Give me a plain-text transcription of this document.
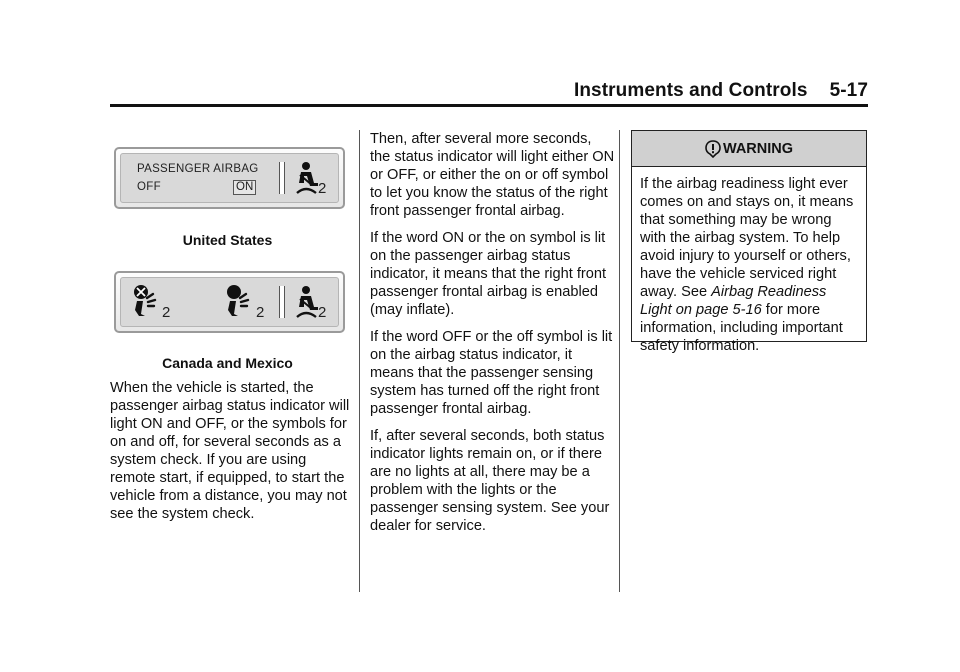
Instruments and Controls 5-17
PASSENGER AIRBAG
OFF	ON	2
United States
2	2	2
Canada and Mexico

When the vehicle is started, the passenger airbag status indicator will light ON and OFF, or the symbols for on and off, for several seconds as a system check. If you are using remote start, if equipped, to start the vehicle from a distance, you may not see the system check.

Then, after several more seconds, the status indicator will light either ON or OFF, or either the on or off symbol to let you know the status of the right front passenger frontal airbag.

If the word ON or the on symbol is lit on the passenger airbag status indicator, it means that the right front passenger frontal airbag is enabled (may inflate).

If the word OFF or the off symbol is lit on the airbag status indicator, it means that the passenger sensing system has turned off the right front passenger frontal airbag.

If, after several seconds, both status indicator lights remain on, or if there are no lights at all, there may be a problem with the lights or the passenger sensing system. See your dealer for service.

WARNING
If the airbag readiness light ever comes on and stays on, it means that something may be wrong with the airbag system. To help avoid injury to yourself or others, have the vehicle serviced right away. See Airbag Readiness Light on page 5-16 for more information, including important safety information.
